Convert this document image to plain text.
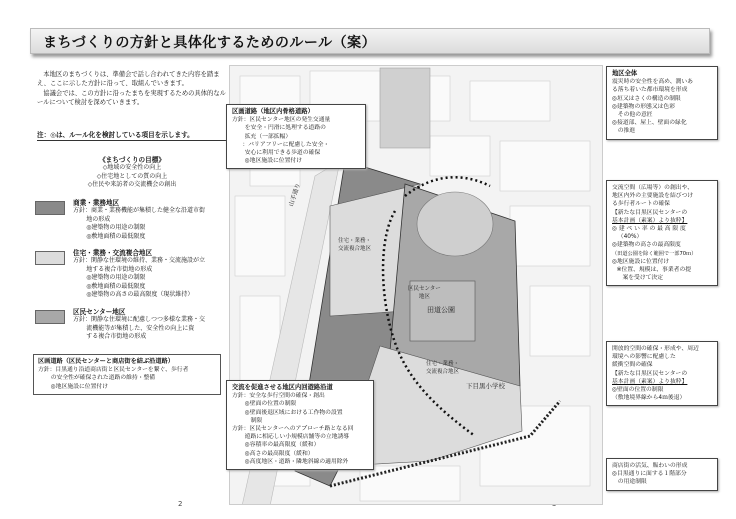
まちづくりの方針と具体化するためのルール（案）

本地区のまちづくりは、準備会で話し合われてきた内容を踏まえ、ここに示した方針に沿って、取組んでいきます。

協議会では、この方針に沿ったまちを実現するための具体的なルールについて検討を深めていきます。

注：◎は、ルール化を検討している項目を示します。
《まちづくりの目標》
◇地域の安全性の向上
◇住宅地としての質の向上
◇住民や来訪者の交流機会の創出
商業・業務地区
方針：商業・業務機能が集積した健全な沿道市街
地の形成
◎建築物の用途の制限
◎敷地面積の最低限度
住宅・業務・交流複合地区
方針：閑静な住環境の維持、業務・交流施設が立
地する複合市街地の形成
◎建築物の用途の制限
◎敷地面積の最低限度
◎建築物の高さの最高限度（現状維持）
区民センター地区
方針：閑静な住環境に配慮しつつ多様な業務・交
流機能等が集積した、安全性の向上に資
する複合市街地の形成
区画道路（区民センターと商店街を結ぶ沿道路）
方針：目黒通り沿道商店街と区民センターを繋ぐ、歩行者
の安全性が確保された道路の維持・整備
◎地区施設に位置付け
2
山手通り
田道公園
下目黒小学校
住宅・業務・
交流複合地区
住宅・業務・
交流複合地区
区民センター
地区
区画道路（地区内骨格道路）
方針：区民センター地区の発生交通量
を安全・円滑に処理する道路の
拡充（一部拡幅）
：バリアフリーに配慮した安全・
安心に利用できる歩道の確保
◎地区施設に位置付け
地区全体
震災時の安全性を高め、潤いあ
る落ち着いた都市環境を形成
◎垣又はさくの構造の制限
◎建築物の形態又は色彩
その他の意匠
◎接道部、屋上、壁面の緑化
の推進
交流空間（広場等）の創出や、
地区内外の主要施設を結びつけ
る歩行者ルートの確保
【新たな目黒区民センターの
基本計画（素案）より抜粋】
◎ 建 ぺ い 率 の 最 高 限 度
（40%）
◎建築物の高さの最高限度
（田道公園を除く範囲で一部70ｍ）
◎地区施設に位置付け
※位置、規模は、事業者の提
案を受けて決定
開放的空間の確保・形成や、周辺
環境への影響に配慮した
緩衝空間の確保
【新たな目黒区民センターの
基本計画（素案）より抜粋】
◎壁面の位置の制限
（敷地境界線から4ｍ後退）
交流を促進させる地区内回遊路沿道
方針：安全な歩行空間の確保・創出
◎壁面の位置の制限
◎壁面後退区域における工作物の設置
制限
方針：区民センターへのアプローチ路となる回
遊路に相応しい小規模店舗等の立地誘導
◎容積率の最高限度（緩和）
◎高さの最高限度（緩和）
◎高度地区・道路・隣地斜線の適用除外
商店街の活気、賑わいの形成
◎目黒通りに面する１階部分
の用途制限
